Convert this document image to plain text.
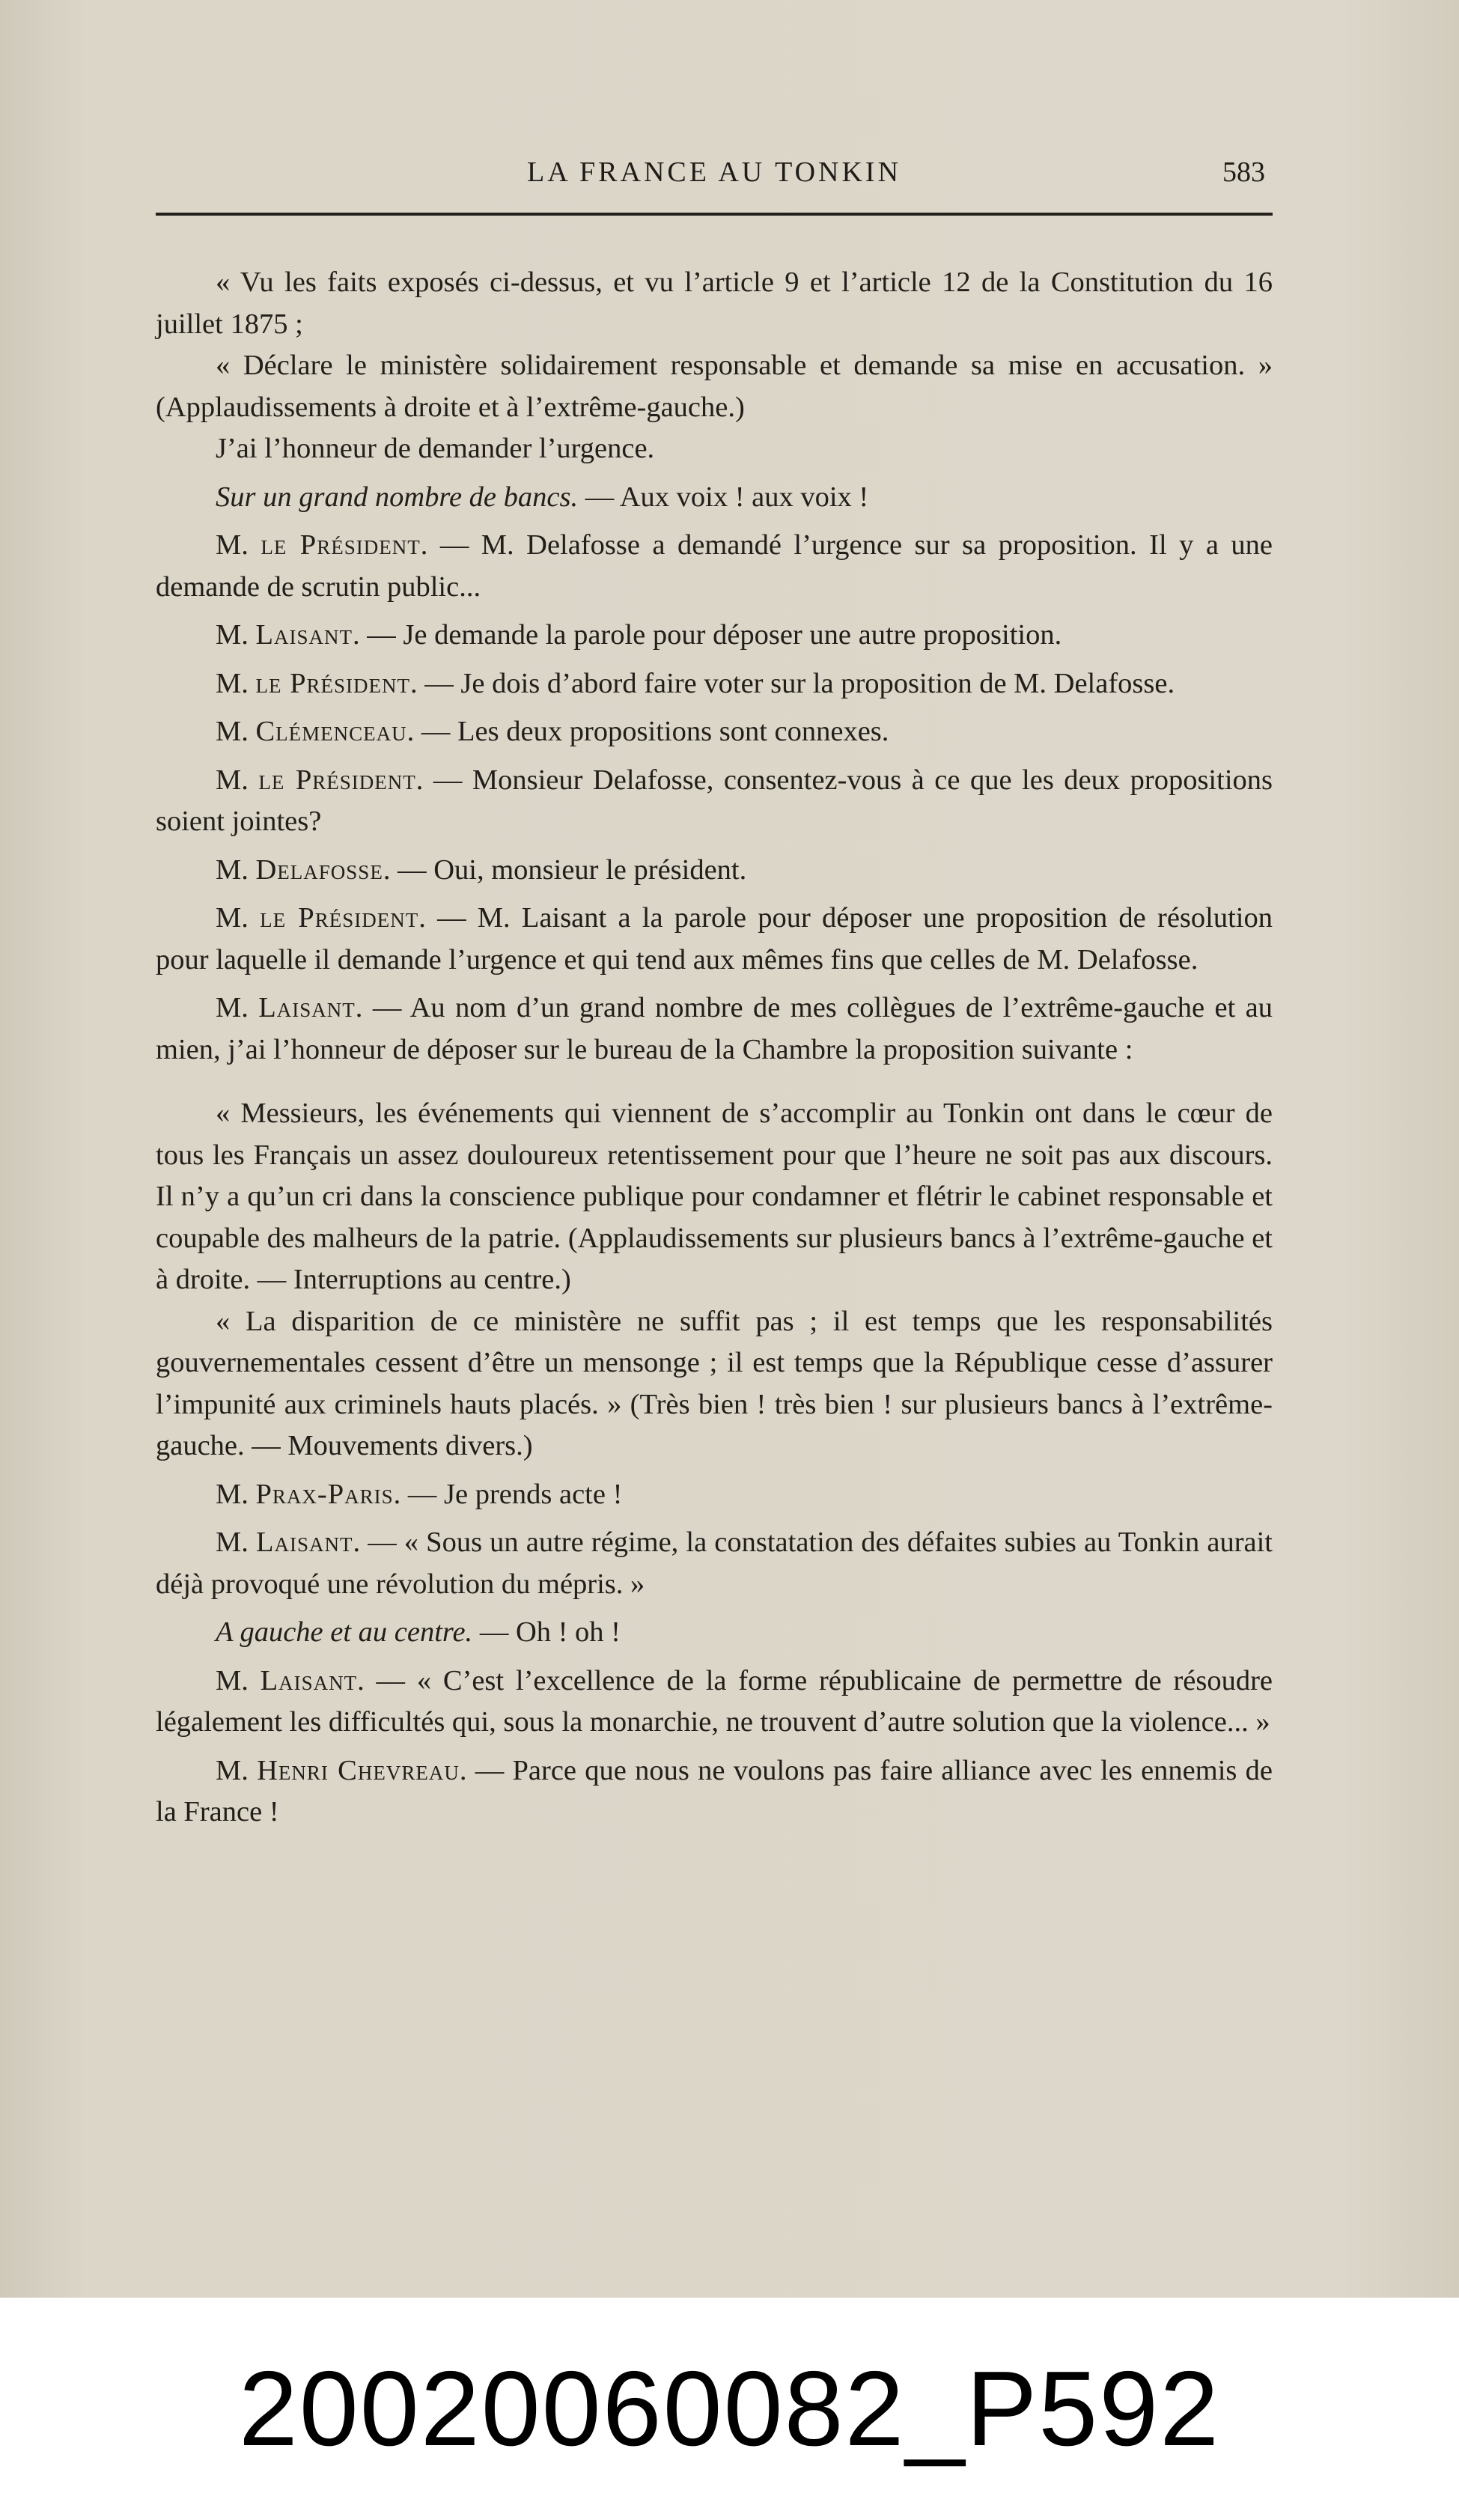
LA FRANCE AU TONKIN	583

« Vu les faits exposés ci-dessus, et vu l’article 9 et l’article 12 de la Constitution du 16 juillet 1875 ;

« Déclare le ministère solidairement responsable et demande sa mise en accusation. » (Applaudissements à droite et à l’extrême-gauche.)

J’ai l’honneur de demander l’urgence.

Sur un grand nombre de bancs. — Aux voix ! aux voix !

M. le Président. — M. Delafosse a demandé l’urgence sur sa proposition. Il y a une demande de scrutin public...

M. Laisant. — Je demande la parole pour déposer une autre proposition.

M. le Président. — Je dois d’abord faire voter sur la proposition de M. Delafosse.

M. Clémenceau. — Les deux propositions sont connexes.

M. le Président. — Monsieur Delafosse, consentez-vous à ce que les deux propositions soient jointes?

M. Delafosse. — Oui, monsieur le président.

M. le Président. — M. Laisant a la parole pour déposer une proposition de résolution pour laquelle il demande l’urgence et qui tend aux mêmes fins que celles de M. Delafosse.

M. Laisant. — Au nom d’un grand nombre de mes collègues de l’extrême-gauche et au mien, j’ai l’honneur de déposer sur le bureau de la Chambre la proposition suivante :

« Messieurs, les événements qui viennent de s’accomplir au Tonkin ont dans le cœur de tous les Français un assez douloureux retentissement pour que l’heure ne soit pas aux discours. Il n’y a qu’un cri dans la conscience publique pour condamner et flétrir le cabinet responsable et coupable des malheurs de la patrie. (Applaudissements sur plusieurs bancs à l’extrême-gauche et à droite. — Interruptions au centre.)

« La disparition de ce ministère ne suffit pas ; il est temps que les responsabilités gouvernementales cessent d’être un mensonge ; il est temps que la République cesse d’assurer l’impunité aux criminels hauts placés. » (Très bien ! très bien ! sur plusieurs bancs à l’extrême-gauche. — Mouvements divers.)

M. Prax-Paris. — Je prends acte !

M. Laisant. — « Sous un autre régime, la constatation des défaites subies au Tonkin aurait déjà provoqué une révolution du mépris. »

A gauche et au centre. — Oh ! oh !

M. Laisant. — « C’est l’excellence de la forme républicaine de permettre de résoudre légalement les difficultés qui, sous la monarchie, ne trouvent d’autre solution que la violence... »

M. Henri Chevreau. — Parce que nous ne voulons pas faire alliance avec les ennemis de la France !

20020060082_P592
